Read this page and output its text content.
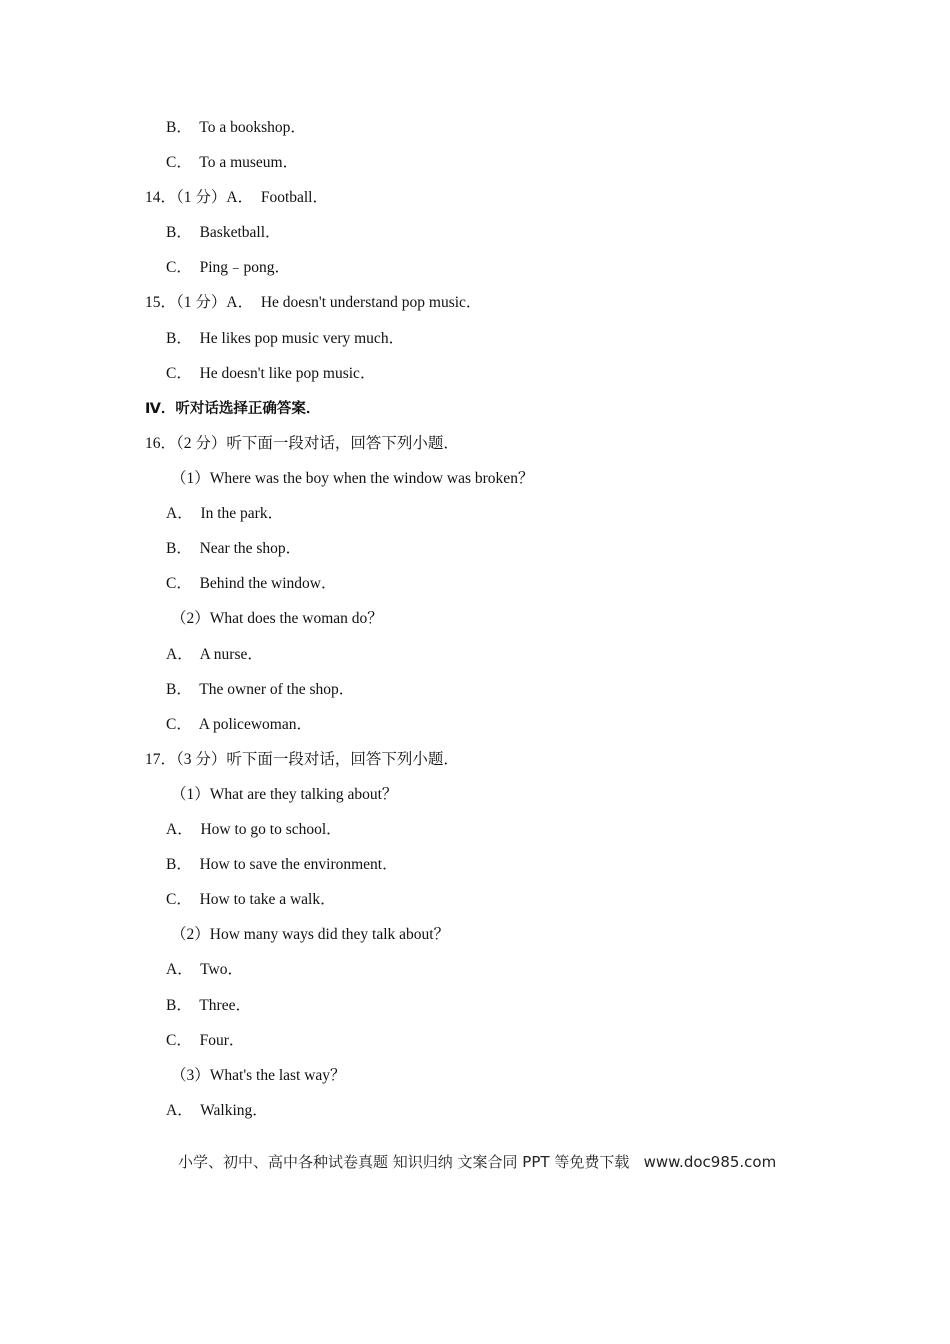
B．  To a bookshop．
C．  To a museum．
14．（1 分）A．  Football．
B．  Basketball．
C．  Ping﹣pong．
15．（1 分）A．  He doesn't understand pop music．
B．  He likes pop music very much．
C．  He doesn't like pop music．
Ⅳ．听对话选择正确答案．
16．（2 分）听下面一段对话，回答下列小题．
（1）Where was the boy when the window was broken？
A．  In the park．
B．  Near the shop．
C．  Behind the window．
（2）What does the woman do？
A．  A nurse．
B．  The owner of the shop．
C．  A policewoman．
17．（3 分）听下面一段对话，回答下列小题．
（1）What are they talking about？
A．  How to go to school．
B．  How to save the environment．
C．  How to take a walk．
（2）How many ways did they talk about？
A．  Two．
B．  Three．
C．  Four．
（3）What's the last way？
A．  Walking．
小学、初中、高中各种试卷真题 知识归纳 文案合同 PPT 等免费下载   www.doc985.com
